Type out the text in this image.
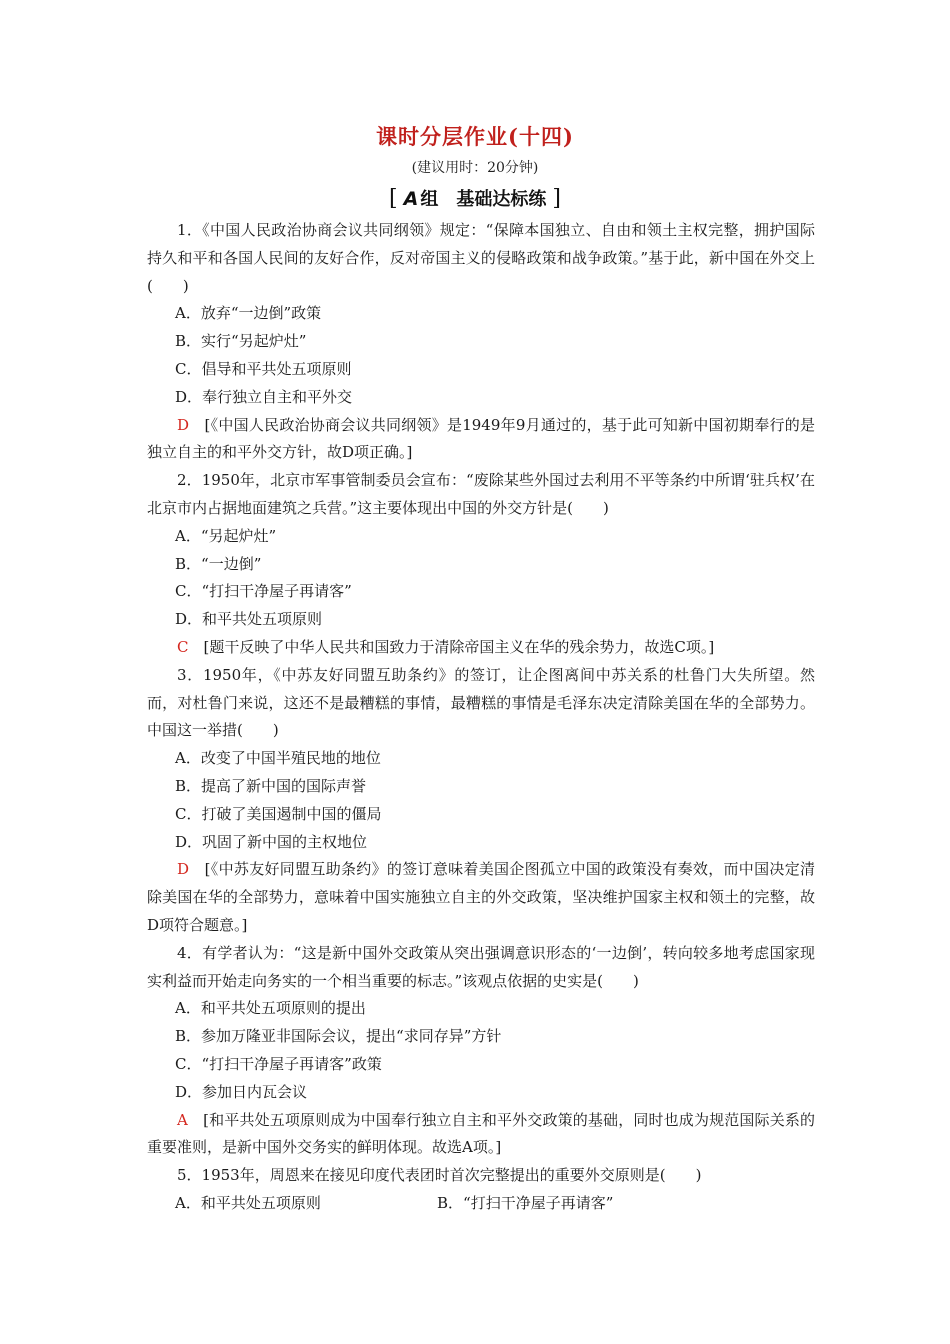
课时分层作业(十四)
(建议用时：20分钟)
[ A 组　基础达标练 ]

1．《中国人民政治协商会议共同纲领》规定：“保障本国独立、自由和领土主权完整，拥护国际持久和平和各国人民间的友好合作，反对帝国主义的侵略政策和战争政策。”基于此，新中国在外交上(　　)

A．放弃“一边倒”政策

B．实行“另起炉灶”

C．倡导和平共处五项原则

D．奉行独立自主和平外交

D　 [《中国人民政治协商会议共同纲领》是1949年9月通过的，基于此可知新中国初期奉行的是独立自主的和平外交方针，故D项正确。]

2．1950年，北京市军事管制委员会宣布：“废除某些外国过去利用不平等条约中所谓‘驻兵权’在北京市内占据地面建筑之兵营。”这主要体现出中国的外交方针是(　　)

A．“另起炉灶”

B．“一边倒”

C．“打扫干净屋子再请客”

D．和平共处五项原则

C　 [题干反映了中华人民共和国致力于清除帝国主义在华的残余势力，故选C项。]

3．1950年，《中苏友好同盟互助条约》的签订，让企图离间中苏关系的杜鲁门大失所望。然而，对杜鲁门来说，这还不是最糟糕的事情，最糟糕的事情是毛泽东决定清除美国在华的全部势力。中国这一举措(　　)

A．改变了中国半殖民地的地位

B．提高了新中国的国际声誉

C．打破了美国遏制中国的僵局

D．巩固了新中国的主权地位

D　 [《中苏友好同盟互助条约》的签订意味着美国企图孤立中国的政策没有奏效，而中国决定清除美国在华的全部势力，意味着中国实施独立自主的外交政策，坚决维护国家主权和领土的完整，故D项符合题意。]

4．有学者认为：“这是新中国外交政策从突出强调意识形态的‘一边倒’，转向较多地考虑国家现实利益而开始走向务实的一个相当重要的标志。”该观点依据的史实是(　　)

A．和平共处五项原则的提出

B．参加万隆亚非国际会议，提出“求同存异”方针

C．“打扫干净屋子再请客”政策

D．参加日内瓦会议

A　 [和平共处五项原则成为中国奉行独立自主和平外交政策的基础，同时也成为规范国际关系的重要准则，是新中国外交务实的鲜明体现。故选A项。]

5．1953年，周恩来在接见印度代表团时首次完整提出的重要外交原则是(　　)

A．和平共处五项原则	B．“打扫干净屋子再请客”
